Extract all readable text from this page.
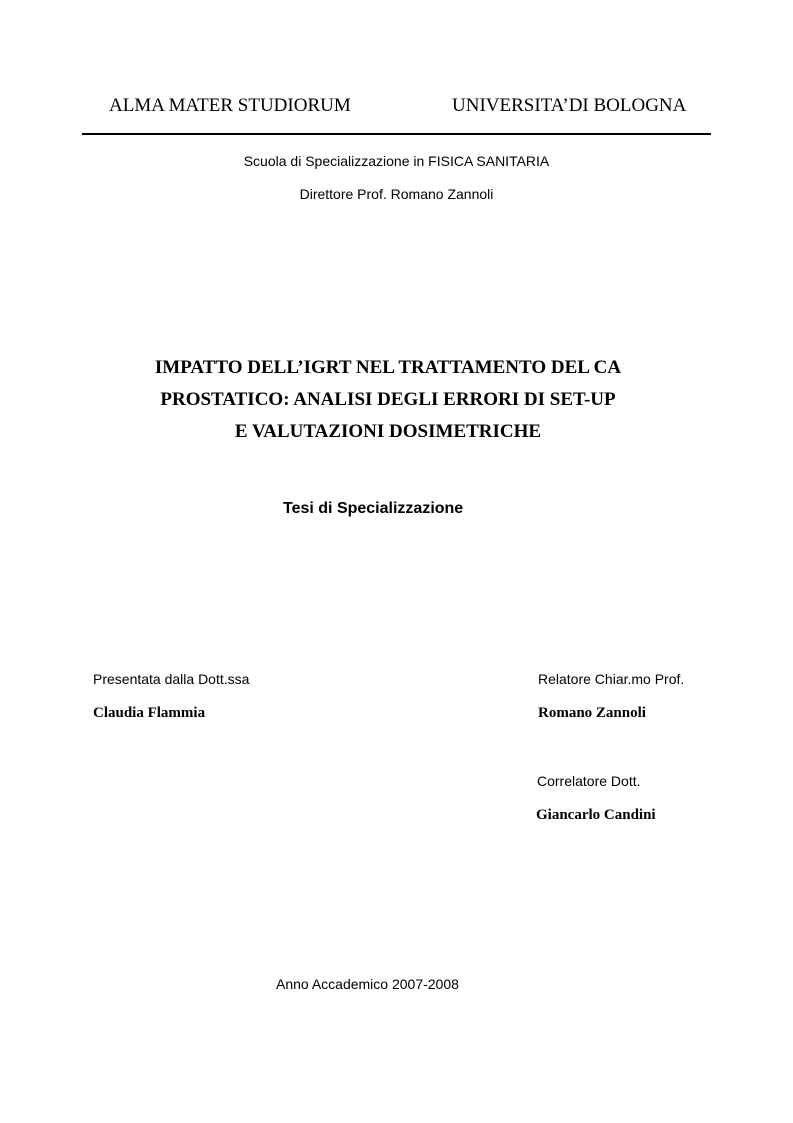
ALMA MATER STUDIORUM	UNIVERSITA’DI BOLOGNA
Scuola di Specializzazione in FISICA SANITARIA
Direttore Prof. Romano Zannoli
IMPATTO DELL’IGRT NEL TRATTAMENTO DEL CA
PROSTATICO: ANALISI DEGLI ERRORI DI SET-UP
E VALUTAZIONI DOSIMETRICHE
Tesi di Specializzazione
Presentata dalla Dott.ssa
Claudia Flammia
Relatore Chiar.mo Prof.
Romano Zannoli
Correlatore Dott.
Giancarlo Candini
Anno Accademico 2007-2008
